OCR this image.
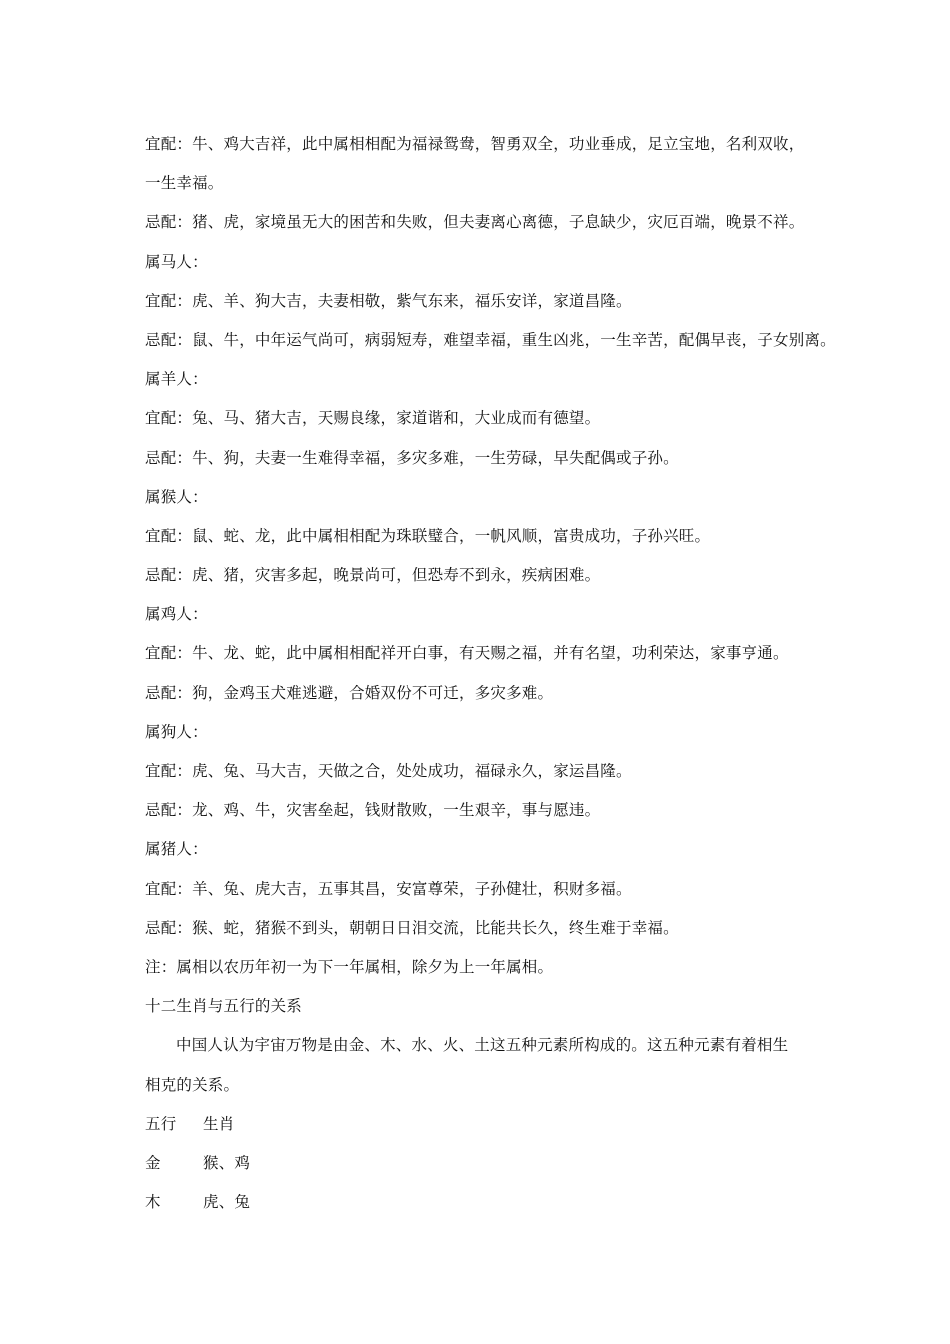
宜配：牛、鸡大吉祥，此中属相相配为福禄鸳鸯，智勇双全，功业垂成，足立宝地，名利双收，
一生幸福。
忌配：猪、虎，家境虽无大的困苦和失败，但夫妻离心离德，子息缺少，灾厄百端，晚景不祥。
属马人：
宜配：虎、羊、狗大吉，夫妻相敬，紫气东来，福乐安详，家道昌隆。
忌配：鼠、牛，中年运气尚可，病弱短寿，难望幸福，重生凶兆，一生辛苦，配偶早丧，子女别离。
属羊人：
宜配：兔、马、猪大吉，天赐良缘，家道谐和，大业成而有德望。
忌配：牛、狗，夫妻一生难得幸福，多灾多难，一生劳碌，早失配偶或子孙。
属猴人：
宜配：鼠、蛇、龙，此中属相相配为珠联璧合，一帆风顺，富贵成功，子孙兴旺。
忌配：虎、猪，灾害多起，晚景尚可，但恐寿不到永，疾病困难。
属鸡人：
宜配：牛、龙、蛇，此中属相相配祥开白事，有天赐之福，并有名望，功利荣达，家事亨通。
忌配：狗，金鸡玉犬难逃避，合婚双份不可迁，多灾多难。
属狗人：
宜配：虎、兔、马大吉，天做之合，处处成功，福碌永久，家运昌隆。
忌配：龙、鸡、牛，灾害垒起，钱财散败，一生艰辛，事与愿违。
属猪人：
宜配：羊、兔、虎大吉，五事其昌，安富尊荣，子孙健壮，积财多福。
忌配：猴、蛇，猪猴不到头，朝朝日日泪交流，比能共长久，终生难于幸福。
注：属相以农历年初一为下一年属相，除夕为上一年属相。
十二生肖与五行的关系
中国人认为宇宙万物是由金、木、水、火、土这五种元素所构成的。这五种元素有着相生
相克的关系。
五行	生肖
金	猴、鸡
木	虎、兔
